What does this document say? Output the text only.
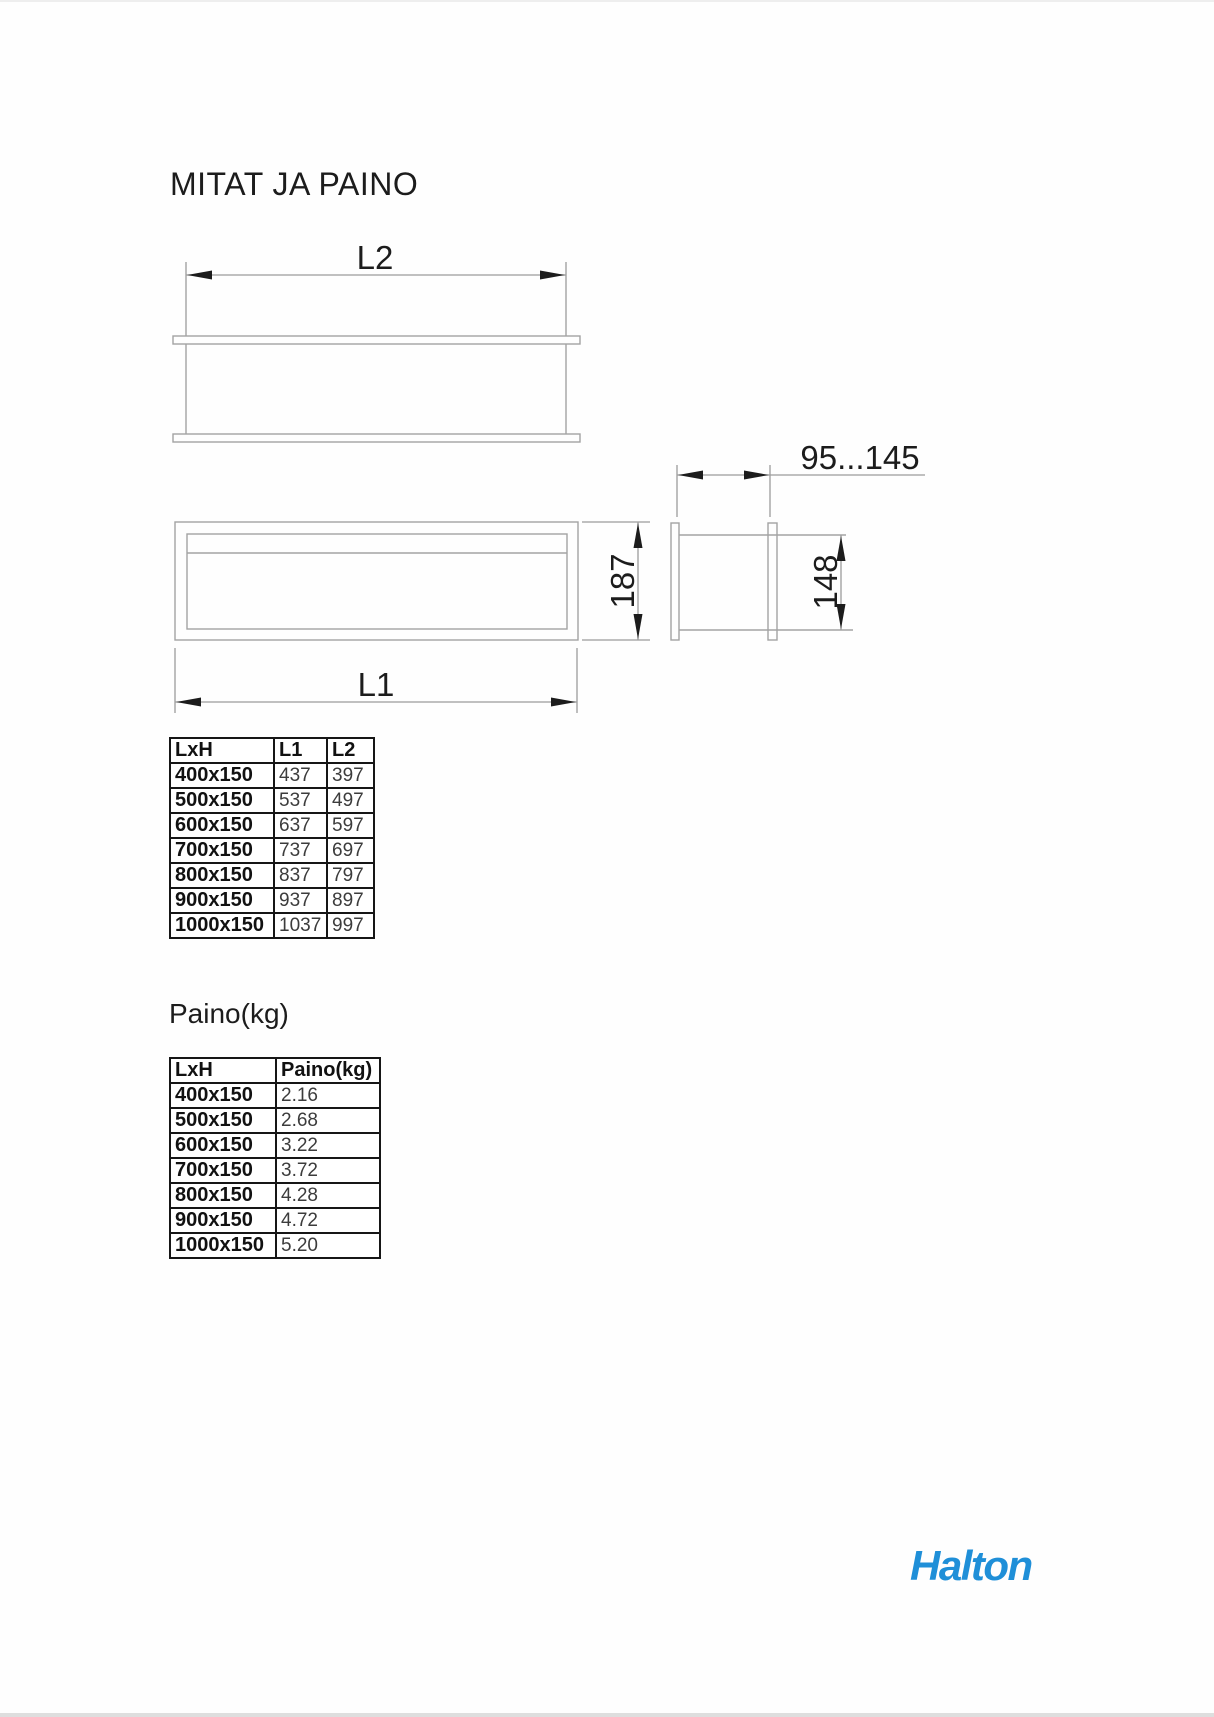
MITAT JA PAINO
L2
187
L1
95...145
148
LxH	L1	L2
400x150	437	397
500x150	537	497
600x150	637	597
700x150	737	697
800x150	837	797
900x150	937	897
1000x150	1037	997
Paino(kg)
LxH	Paino(kg)
400x150	2.16
500x150	2.68
600x150	3.22
700x150	3.72
800x150	4.28
900x150	4.72
1000x150	5.20
Halton
